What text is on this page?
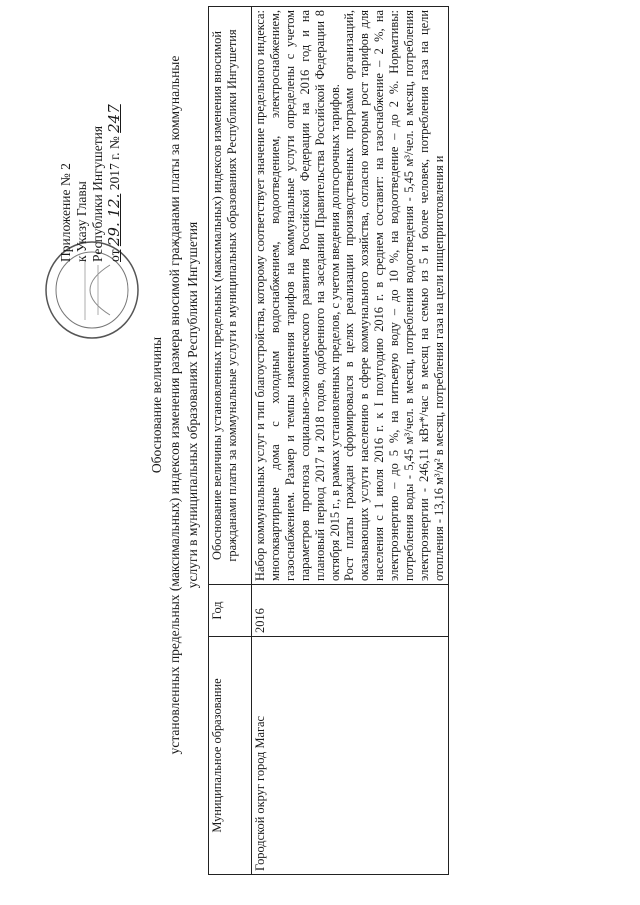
Приложение № 2 к Указу Главы Республики Ингушетия от 29. 12. 2017 г. № 247
Обоснование величины установленных предельных (максимальных) индексов изменения размера вносимой гражданами платы за коммунальные услуги в муниципальных образованиях Республики Ингушетия
Муниципальное образование	Год	Обоснование величины установленных предельных (максимальных) индексов изменения вносимой гражданами платы за коммунальные услуги в муниципальных образованиях Республики Ингушетия
Городской округ город Магас	2016	Набор коммунальных услуг и тип благоустройства, которому соответствует значение предельного индекса: многоквартирные дома с холодным водоснабжением, водоотведением, электроснабжением, газоснабжением. Размер и темпы изменения тарифов на коммунальные услуги определены с учетом параметров прогноза социально-экономического развития Российской Федерации на 2016 год и на плановый период 2017 и 2018 годов, одобренного на заседании Правительства Российской Федерации 8 октября 2015 г., в рамках установленных пределов, с учетом введения долгосрочных тарифов. Рост платы граждан сформировался в целях реализации производственных программ организаций, оказывающих услуги населению в сфере коммунального хозяйства, согласно которым рост тарифов для населения с 1 июля 2016 г. к I полугодию 2016 г. в среднем составит: на газоснабжение – 2 %, на электроэнергию – до 5 %, на питьевую воду – до 10 %, на водоотведение – до 2 %. Нормативы: потребления воды - 5,45 м³/чел. в месяц, потребления водоотведения - 5,45 м³/чел. в месяц, потребления электроэнергии - 246,11 кВт*/час в месяц на семью из 5 и более человек, потребления газа на цели отопления - 13,16 м³/м² в месяц, потребления газа на цели пищеприготовления и
